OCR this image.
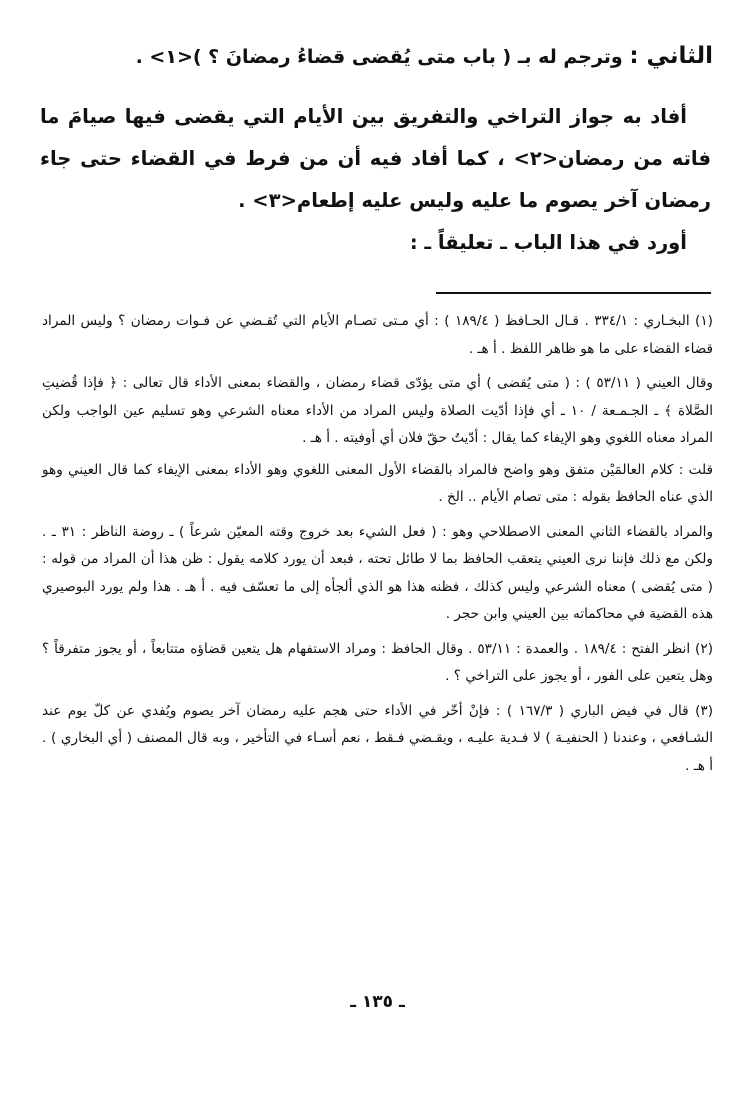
الثاني : وترجم له بـ ( باب متى يُقضى قضاءُ رمضانَ ؟ )<١> .

أفاد به جواز التراخي والتفريق بين الأيام التي يقضى فيها صيامَ ما فاته من رمضان<٢> ، كما أفاد فيه أن من فرط في القضاء حتى جاء رمضان آخر يصوم ما عليه وليس عليه إطعام<٣> .

أورد في هذا الباب ـ تعليقاً ـ :

(١) البخـاري : ٣٣٤/١ . قـال الحـافظ ( ١٨٩/٤ ) : أي مـتى تصـام الأيام التي تُقـضي عن فـوات رمضان ؟ وليس المراد قضاء القضاء على ما هو ظاهر اللفظ . أ هـ .

وقال العيني ( ٥٣/١١ ) : ( متى يُقضى ) أي متى يؤدّى قضاء رمضان ، والقضاء بمعنى الأداء قال تعالى : ﴿ فإذا قُضيتِ الصَّلاة ﴾ ـ الجـمـعة / ١٠ ـ أي فإذا أدّيت الصلاة وليس المراد من الأداء معناه الشرعي وهو تسليم عين الواجب ولكن المراد معناه اللغوي وهو الإيفاء كما يقال : أدّيتُ حقّ فلان أي أوفيته . أ هـ .

قلت : كلام العالمَيْن متفق وهو واضح فالمراد بالقضاء الأول المعنى اللغوي وهو الأداء بمعنى الإيفاء كما قال العيني وهو الذي عناه الحافظ بقوله : متى تصام الأيام .. الخ .

والمراد بالقضاء الثاني المعنى الاصطلاحي وهو : ( فعل الشيء بعد خروج وقته المعيّن شرعاً ) ـ روضة الناظر : ٣١ ـ . ولكن مع ذلك فإننا نرى العيني يتعقب الحافظ بما لا طائل تحته ، فبعد أن يورد كلامه يقول : ظن هذا أن المراد من قوله : ( متى يُقضى ) معناه الشرعي وليس كذلك ، فظنه هذا هو الذي ألجأه إلى ما تعسّف فيه . أ هـ . هذا ولم يورد البوصيري هذه القضية في محاكماته بين العيني وابن حجر .

(٢) انظر الفتح : ١٨٩/٤ . والعمدة : ٥٣/١١ . وقال الحافظ : ومراد الاستفهام هل يتعين قضاؤه متتابعاً ، أو يجوز متفرقاً ؟ وهل يتعين على الفور ، أو يجوز على التراخي ؟ .

(٣) قال في فيض الباري ( ١٦٧/٣ ) : فإنْ أخّر في الأداء حتى هجم عليه رمضان آخر يصوم ويُفدي عن كلّ يوم عند الشـافعي ، وعندنا ( الحنفيـة ) لا فـدية عليـه ، ويقـضي فـقط ، نعم أسـاء في التأخير ، وبه قال المصنف ( أي البخاري ) . أ هـ .

ـ ١٣٥ ـ
